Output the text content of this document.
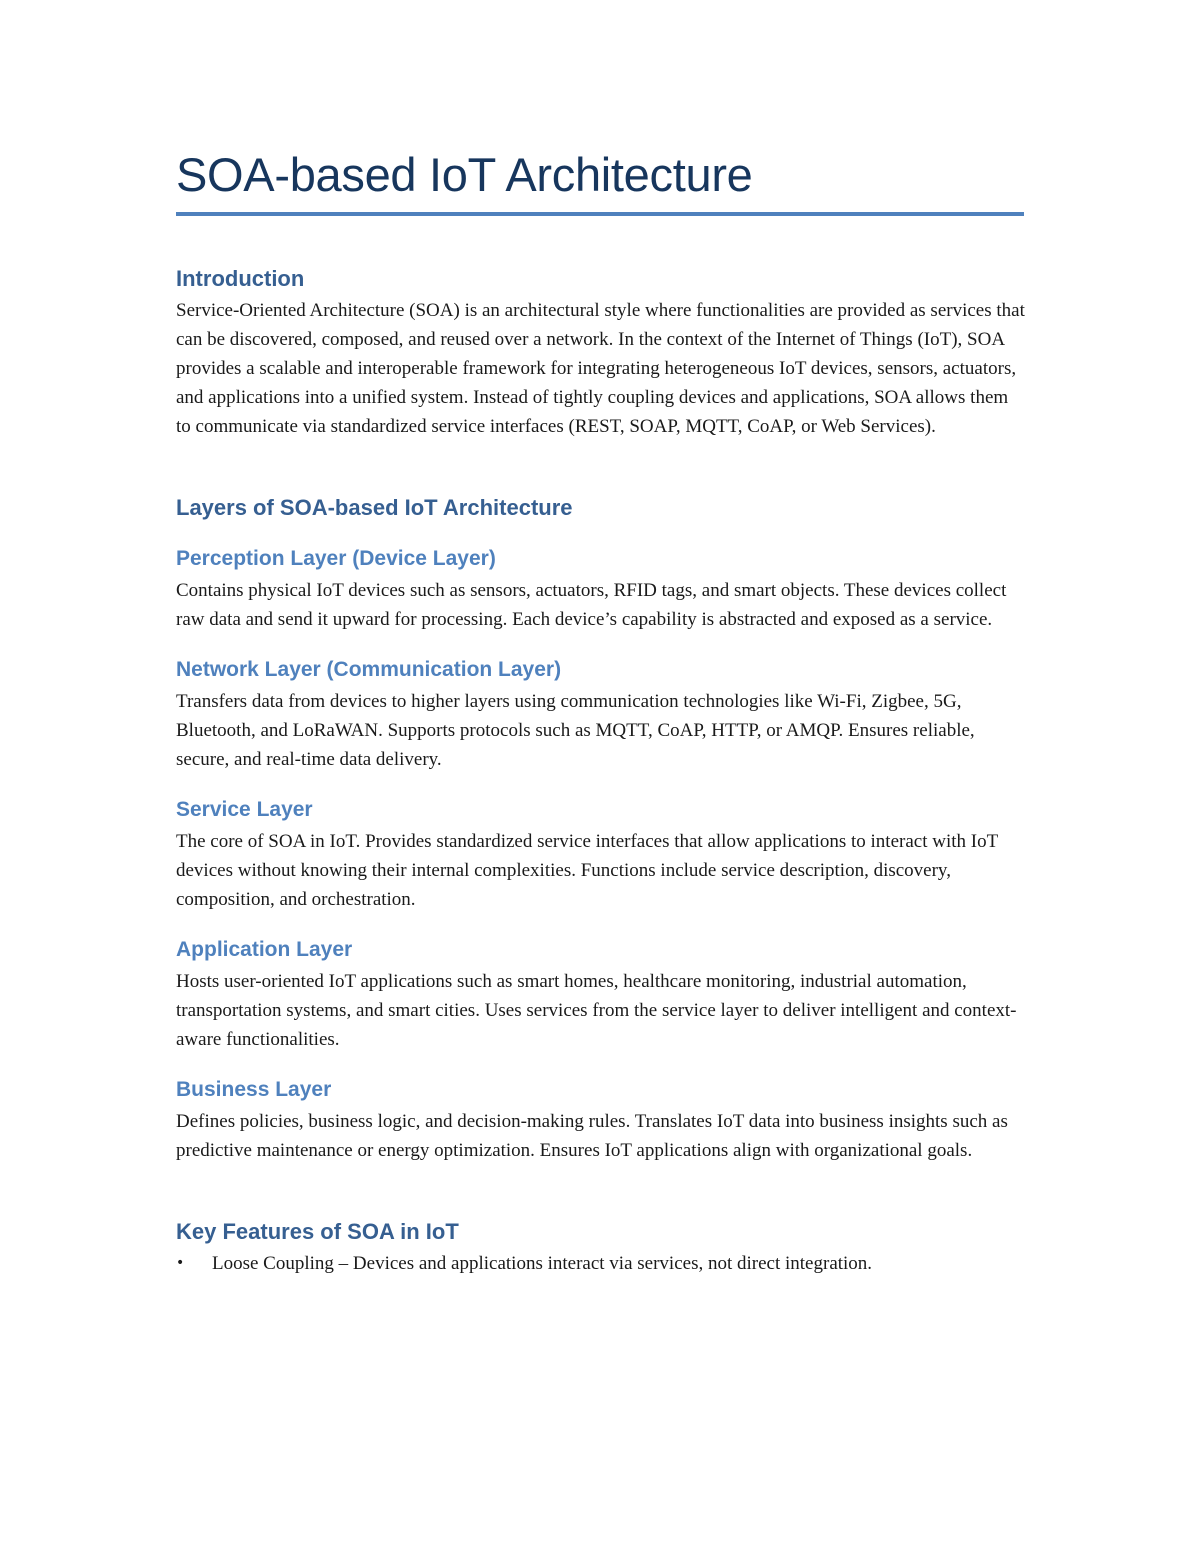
SOA-based IoT Architecture
Introduction

Service-Oriented Architecture (SOA) is an architectural style where functionalities are provided as services that can be discovered, composed, and reused over a network. In the context of the Internet of Things (IoT), SOA provides a scalable and interoperable framework for integrating heterogeneous IoT devices, sensors, actuators, and applications into a unified system. Instead of tightly coupling devices and applications, SOA allows them to communicate via standardized service interfaces (REST, SOAP, MQTT, CoAP, or Web Services).

Layers of SOA-based IoT Architecture
Perception Layer (Device Layer)

Contains physical IoT devices such as sensors, actuators, RFID tags, and smart objects. These devices collect raw data and send it upward for processing. Each device’s capability is abstracted and exposed as a service.

Network Layer (Communication Layer)

Transfers data from devices to higher layers using communication technologies like Wi-Fi, Zigbee, 5G, Bluetooth, and LoRaWAN. Supports protocols such as MQTT, CoAP, HTTP, or AMQP. Ensures reliable, secure, and real-time data delivery.

Service Layer

The core of SOA in IoT. Provides standardized service interfaces that allow applications to interact with IoT devices without knowing their internal complexities. Functions include service description, discovery, composition, and orchestration.

Application Layer

Hosts user-oriented IoT applications such as smart homes, healthcare monitoring, industrial automation, transportation systems, and smart cities. Uses services from the service layer to deliver intelligent and context-aware functionalities.

Business Layer

Defines policies, business logic, and decision-making rules. Translates IoT data into business insights such as predictive maintenance or energy optimization. Ensures IoT applications align with organizational goals.

Key Features of SOA in IoT
•	Loose Coupling – Devices and applications interact via services, not direct integration.
